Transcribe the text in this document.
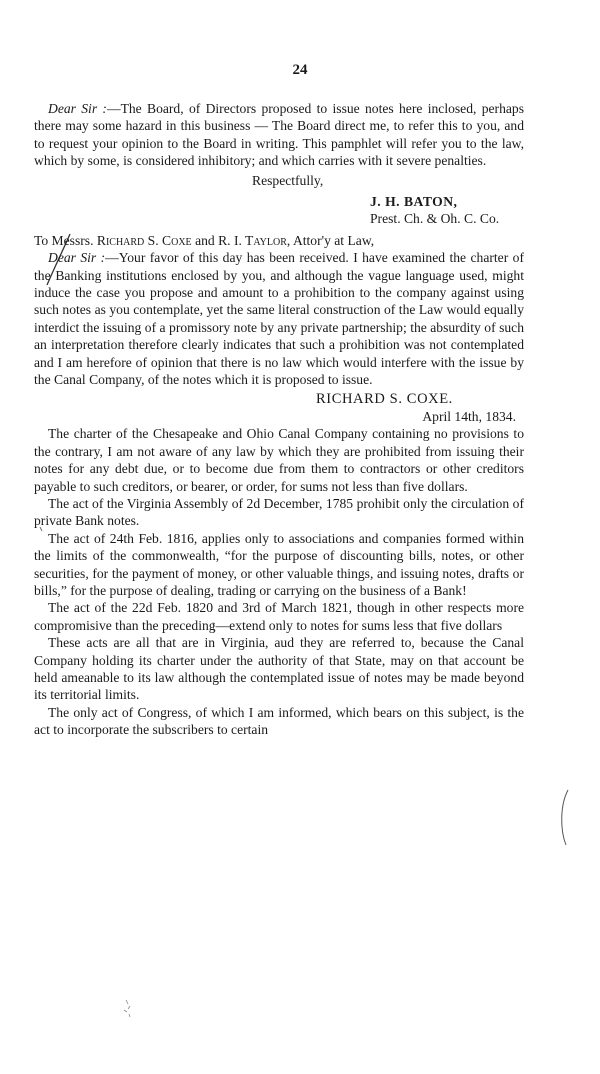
24

Dear Sir :—The Board, of Directors proposed to issue notes here inclosed, perhaps there may some hazard in this business — The Board direct me, to refer this to you, and to request your opinion to the Board in writing. This pamphlet will refer you to the law, which by some, is considered inhibitory; and which carries with it severe penalties.

Respectfully,

J. H. BATON,

Prest. Ch. & Oh. C. Co.

To Messrs. Richard S. Coxe and R. I. Taylor, Attor'y at Law,

Dear Sir :—Your favor of this day has been received. I have examined the charter of the Banking institutions enclosed by you, and although the vague language used, might induce the case you propose and amount to a prohibition to the company against using such notes as you contemplate, yet the same literal construction of the Law would equally interdict the issuing of a promissory note by any private partnership; the absurdity of such an interpretation therefore clearly indicates that such a prohibition was not contemplated and I am herefore of opinion that there is no law which would interfere with the issue by the Canal Company, of the notes which it is proposed to issue.

RICHARD S. COXE.

April 14th, 1834.

The charter of the Chesapeake and Ohio Canal Company containing no provisions to the contrary, I am not aware of any law by which they are prohibited from issuing their notes for any debt due, or to become due from them to contractors or other creditors payable to such creditors, or bearer, or order, for sums not less than five dollars.

The act of the Virginia Assembly of 2d December, 1785 prohibit only the circulation of private Bank notes.

The act of 24th Feb. 1816, applies only to associations and companies formed within the limits of the commonwealth, “for the purpose of discounting bills, notes, or other securities, for the payment of money, or other valuable things, and issuing notes, drafts or bills,” for the purpose of dealing, trading or carrying on the business of a Bank!

The act of the 22d Feb. 1820 and 3rd of March 1821, though in other respects more compromisive than the preceding—extend only to notes for sums less that five dollars

These acts are all that are in Virginia, aud they are referred to, because the Canal Company holding its charter under the authority of that State, may on that account be held ameanable to its law although the contemplated issue of notes may be made beyond its territorial limits.

The only act of Congress, of which I am informed, which bears on this subject, is the act to incorporate the subscribers to certain
